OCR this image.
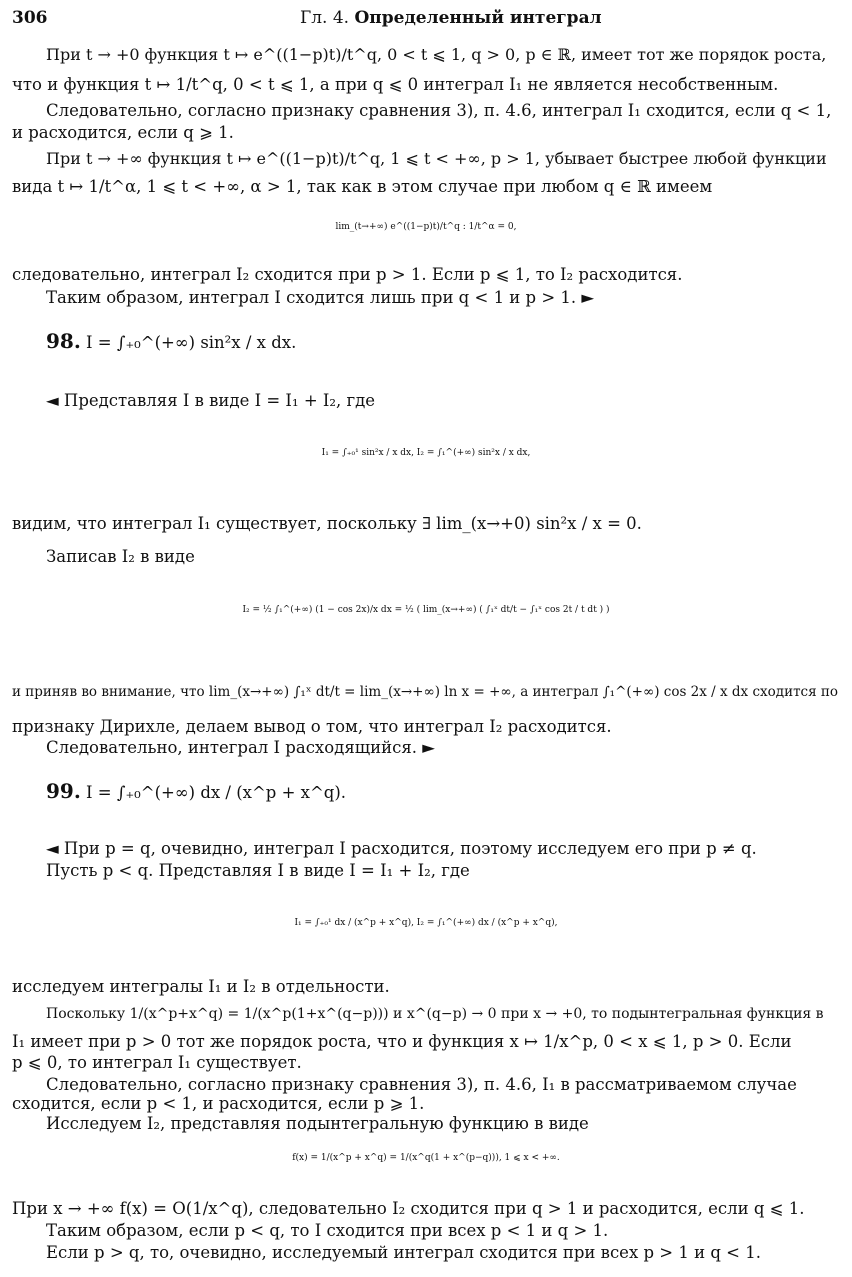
306	Гл. 4. Определенный интеграл
При t → +0 функция t ↦ e^((1−p)t)/t^q, 0 < t ⩽ 1, q > 0, p ∈ ℝ, имеет тот же порядок роста,
что и функция t ↦ 1/t^q, 0 < t ⩽ 1, а при q ⩽ 0 интеграл I₁ не является несобственным.
Следовательно, согласно признаку сравнения 3), п. 4.6, интеграл I₁ сходится, если q < 1,
и расходится, если q ⩾ 1.
При t → +∞ функция t ↦ e^((1−p)t)/t^q, 1 ⩽ t < +∞, p > 1, убывает быстрее любой функции
вида t ↦ 1/t^α, 1 ⩽ t < +∞, α > 1, так как в этом случае при любом q ∈ ℝ имеем
lim_(t→+∞) e^((1−p)t)/t^q : 1/t^α = 0,
следовательно, интеграл I₂ сходится при p > 1. Если p ⩽ 1, то I₂ расходится.
Таким образом, интеграл I сходится лишь при q < 1 и p > 1. ►
98. I = ∫₊₀^(+∞) sin²x / x dx.
◄ Представляя I в виде I = I₁ + I₂, где
I₁ = ∫₊₀¹ sin²x / x dx, I₂ = ∫₁^(+∞) sin²x / x dx,
видим, что интеграл I₁ существует, поскольку ∃ lim_(x→+0) sin²x / x = 0.
Записав I₂ в виде
I₂ = ½ ∫₁^(+∞) (1 − cos 2x)/x dx = ½ ( lim_(x→+∞) ( ∫₁ˣ dt/t − ∫₁ˣ cos 2t / t dt ) )
и приняв во внимание, что lim_(x→+∞) ∫₁ˣ dt/t = lim_(x→+∞) ln x = +∞, а интеграл ∫₁^(+∞) cos 2x / x dx сходится по
признаку Дирихле, делаем вывод о том, что интеграл I₂ расходится.
Следовательно, интеграл I расходящийся. ►
99. I = ∫₊₀^(+∞) dx / (x^p + x^q).
◄ При p = q, очевидно, интеграл I расходится, поэтому исследуем его при p ≠ q.
Пусть p < q. Представляя I в виде I = I₁ + I₂, где
I₁ = ∫₊₀¹ dx / (x^p + x^q), I₂ = ∫₁^(+∞) dx / (x^p + x^q),
исследуем интегралы I₁ и I₂ в отдельности.
Поскольку 1/(x^p+x^q) = 1/(x^p(1+x^(q−p))) и x^(q−p) → 0 при x → +0, то подынтегральная функция в
I₁ имеет при p > 0 тот же порядок роста, что и функция x ↦ 1/x^p, 0 < x ⩽ 1, p > 0. Если
p ⩽ 0, то интеграл I₁ существует.
Следовательно, согласно признаку сравнения 3), п. 4.6, I₁ в рассматриваемом случае
сходится, если p < 1, и расходится, если p ⩾ 1.
Исследуем I₂, представляя подынтегральную функцию в виде
f(x) = 1/(x^p + x^q) = 1/(x^q(1 + x^(p−q))), 1 ⩽ x < +∞.
При x → +∞ f(x) = O(1/x^q), следовательно I₂ сходится при q > 1 и расходится, если q ⩽ 1.
Таким образом, если p < q, то I сходится при всех p < 1 и q > 1.
Если p > q, то, очевидно, исследуемый интеграл сходится при всех p > 1 и q < 1.
